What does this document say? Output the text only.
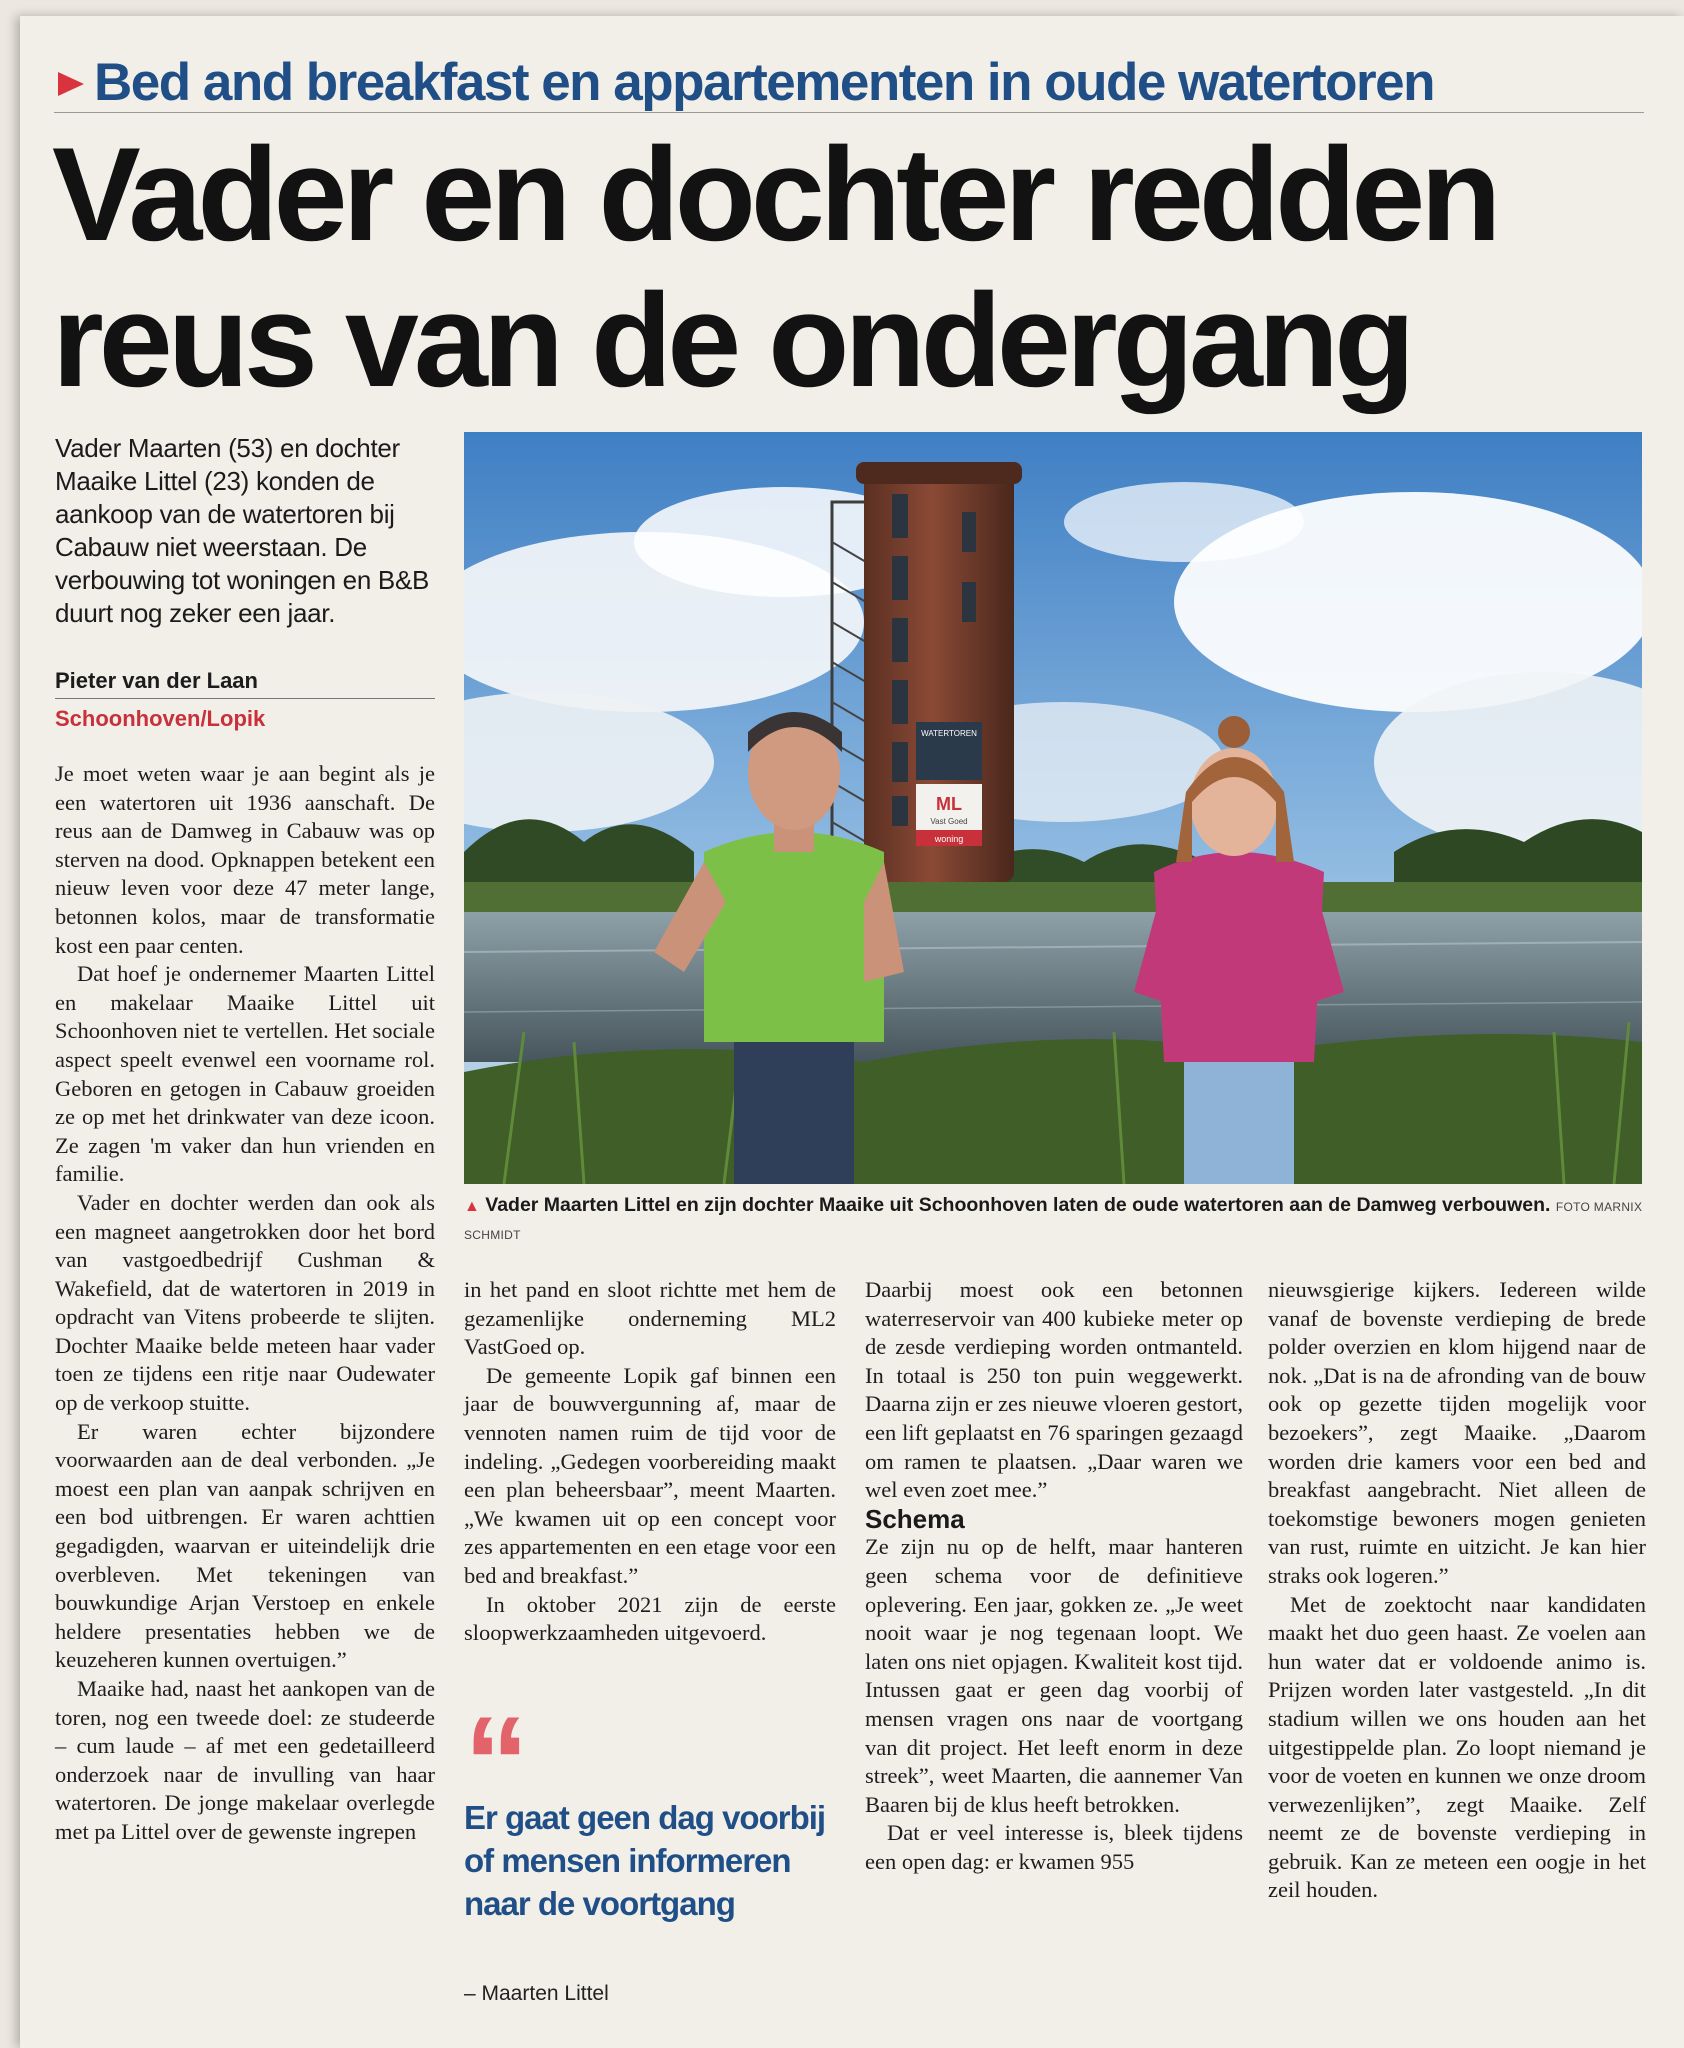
Bed and breakfast en appartementen in oude watertoren
Vader en dochter redden
reus van de ondergang

Vader Maarten (53) en dochter Maaike Littel (23) konden de aankoop van de watertoren bij Cabauw niet weerstaan. De verbouwing tot woningen en B&B duurt nog zeker een jaar.

Pieter van der Laan
Schoonhoven/Lopik

Je moet weten waar je aan begint als je een watertoren uit 1936 aanschaft. De reus aan de Damweg in Cabauw was op sterven na dood. Opknappen betekent een nieuw leven voor deze 47 meter lange, betonnen kolos, maar de transformatie kost een paar centen.

Dat hoef je ondernemer Maarten Littel en makelaar Maaike Littel uit Schoonhoven niet te vertellen. Het sociale aspect speelt evenwel een voorname rol. Geboren en getogen in Cabauw groeiden ze op met het drinkwater van deze icoon. Ze zagen 'm vaker dan hun vrienden en familie.

Vader en dochter werden dan ook als een magneet aangetrokken door het bord van vastgoedbedrijf Cushman & Wakefield, dat de watertoren in 2019 in opdracht van Vitens probeerde te slijten. Dochter Maaike belde meteen haar vader toen ze tijdens een ritje naar Oudewater op de verkoop stuitte.

Er waren echter bijzondere voorwaarden aan de deal verbonden. „Je moest een plan van aanpak schrijven en een bod uitbrengen. Er waren achttien gegadigden, waarvan er uiteindelijk drie overbleven. Met tekeningen van bouwkundige Arjan Verstoep en enkele heldere presentaties hebben we de keuzeheren kunnen overtuigen.”

Maaike had, naast het aankopen van de toren, nog een tweede doel: ze studeerde – cum laude – af met een gedetailleerd onderzoek naar de invulling van haar watertoren. De jonge makelaar overlegde met pa Littel over de gewenste ingrepen

WATERTOREN
ML
Vast Goed
woning
▲ Vader Maarten Littel en zijn dochter Maaike uit Schoonhoven laten de oude watertoren aan de Damweg verbouwen. FOTO MARNIX SCHMIDT

in het pand en sloot richtte met hem de gezamenlijke onderneming ML2 VastGoed op.

De gemeente Lopik gaf binnen een jaar de bouwvergunning af, maar de vennoten namen ruim de tijd voor de indeling. „Gedegen voorbereiding maakt een plan beheersbaar”, meent Maarten. „We kwamen uit op een concept voor zes appartementen en een etage voor een bed and breakfast.”

In oktober 2021 zijn de eerste sloopwerkzaamheden uitgevoerd.

“
Er gaat geen dag voorbij of mensen informeren naar de voortgang
– Maarten Littel

Daarbij moest ook een betonnen waterreservoir van 400 kubieke meter op de zesde verdieping worden ontmanteld. In totaal is 250 ton puin weggewerkt. Daarna zijn er zes nieuwe vloeren gestort, een lift geplaatst en 76 sparingen gezaagd om ramen te plaatsen. „Daar waren we wel even zoet mee.”

Schema

Ze zijn nu op de helft, maar hanteren geen schema voor de definitieve oplevering. Een jaar, gokken ze. „Je weet nooit waar je nog tegenaan loopt. We laten ons niet opjagen. Kwaliteit kost tijd. Intussen gaat er geen dag voorbij of mensen vragen ons naar de voortgang van dit project. Het leeft enorm in deze streek”, weet Maarten, die aannemer Van Baaren bij de klus heeft betrokken.

Dat er veel interesse is, bleek tijdens een open dag: er kwamen 955

nieuwsgierige kijkers. Iedereen wilde vanaf de bovenste verdieping de brede polder overzien en klom hijgend naar de nok. „Dat is na de afronding van de bouw ook op gezette tijden mogelijk voor bezoekers”, zegt Maaike. „Daarom worden drie kamers voor een bed and breakfast aangebracht. Niet alleen de toekomstige bewoners mogen genieten van rust, ruimte en uitzicht. Je kan hier straks ook logeren.”

Met de zoektocht naar kandidaten maakt het duo geen haast. Ze voelen aan hun water dat er voldoende animo is. Prijzen worden later vastgesteld. „In dit stadium willen we ons houden aan het uitgestippelde plan. Zo loopt niemand je voor de voeten en kunnen we onze droom verwezenlijken”, zegt Maaike. Zelf neemt ze de bovenste verdieping in gebruik. Kan ze meteen een oogje in het zeil houden.
